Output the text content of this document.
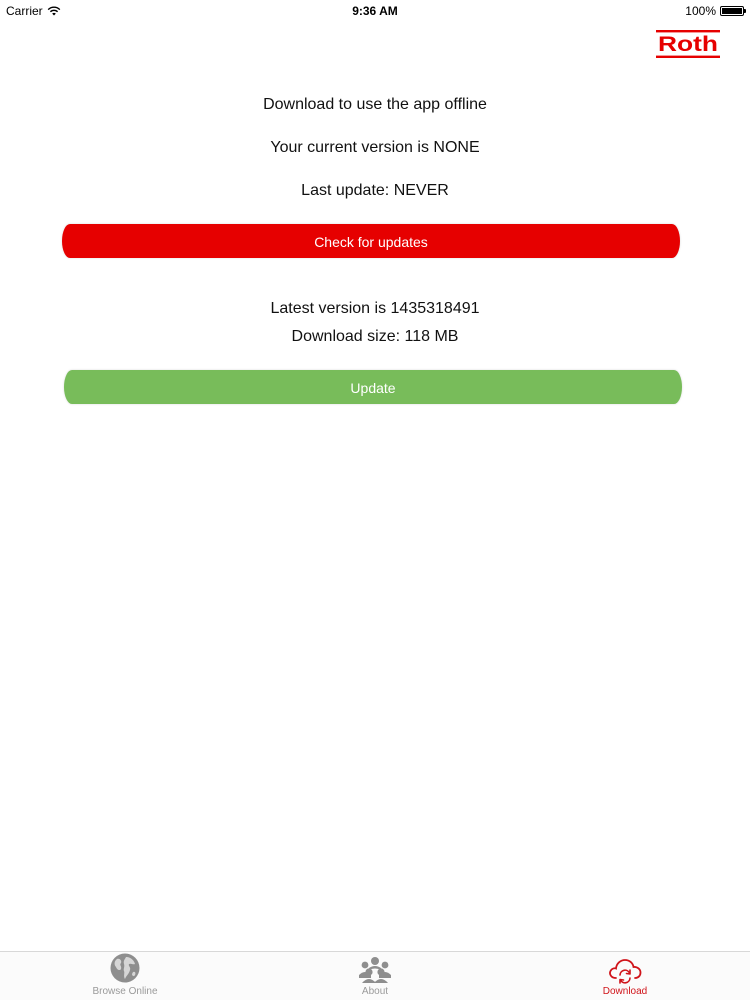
Carrier	9:36 AM	100%
Roth
Download to use the app offline
Your current version is NONE
Last update: NEVER
Check for updates
Latest version is 1435318491
Download size: 118 MB
Update
Browse Online	About	Download
